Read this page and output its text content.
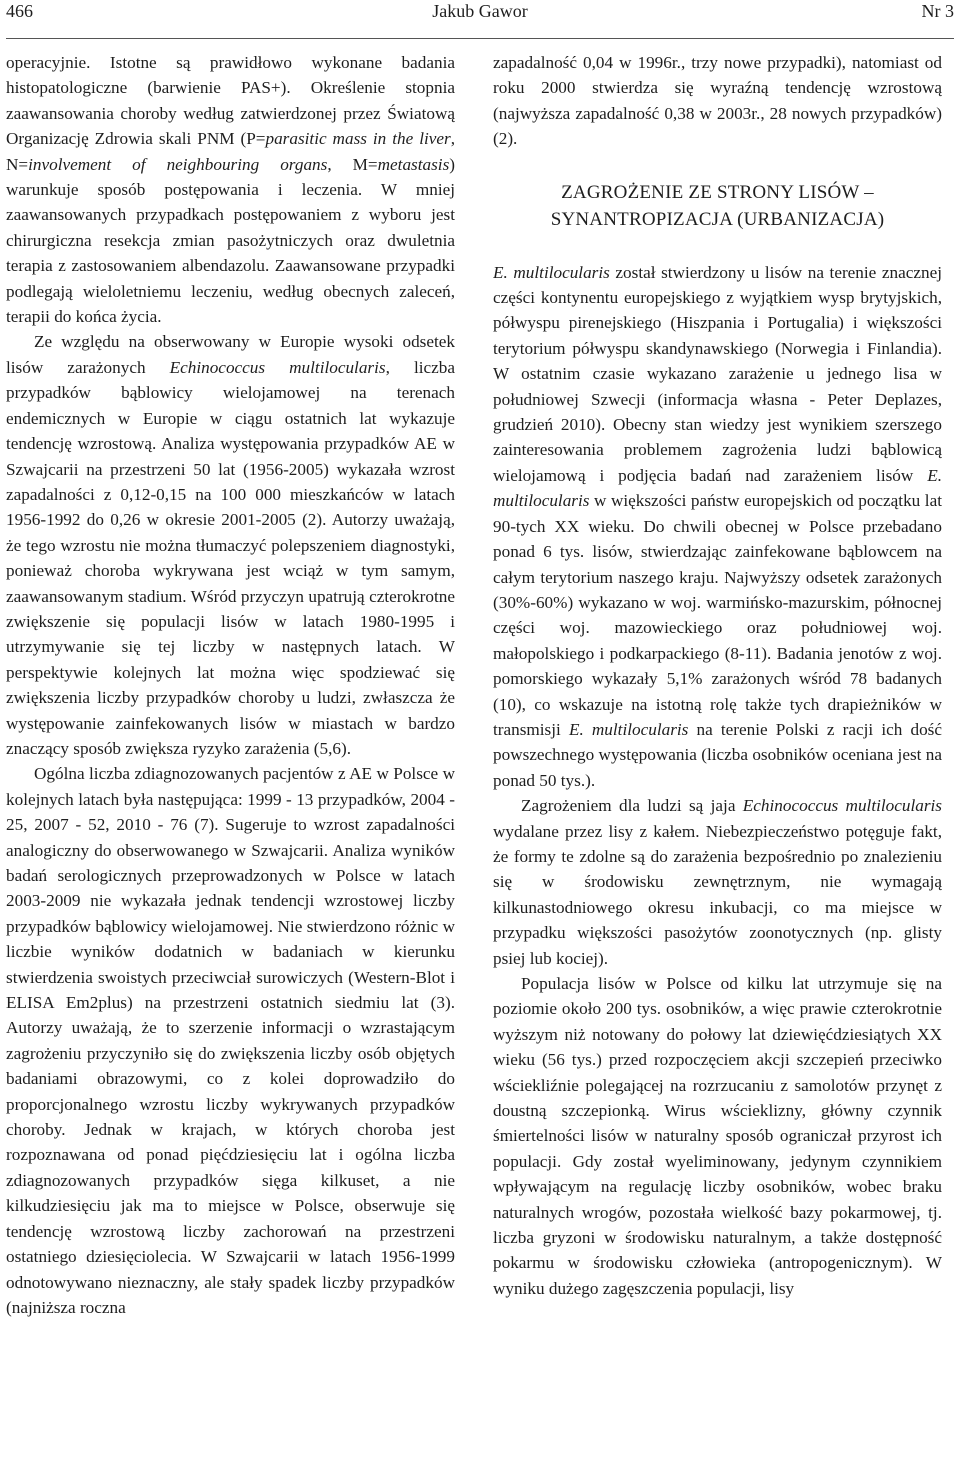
466	Jakub Gawor	Nr 3

operacyjnie. Istotne są prawidłowo wykonane badania histopatologiczne (barwienie PAS+). Określenie stopnia zaawansowania choroby według zatwierdzonej przez Światową Organizację Zdrowia skali PNM (P=parasitic mass in the liver, N=involvement of neighbouring organs, M=metastasis) warunkuje sposób postępowania i leczenia. W mniej zaawansowanych przypadkach postępowaniem z wyboru jest chirurgiczna resekcja zmian pasożytniczych oraz dwuletnia terapia z zastosowaniem albendazolu. Zaawansowane przypadki podlegają wieloletniemu leczeniu, według obecnych zaleceń, terapii do końca życia.

Ze względu na obserwowany w Europie wysoki odsetek lisów zarażonych Echinococcus multilocularis, liczba przypadków bąblowicy wielojamowej na terenach endemicznych w Europie w ciągu ostatnich lat wykazuje tendencję wzrostową. Analiza występowania przypadków AE w Szwajcarii na przestrzeni 50 lat (1956-2005) wykazała wzrost zapadalności z 0,12-0,15 na 100 000 mieszkańców w latach 1956-1992 do 0,26 w okresie 2001-2005 (2). Autorzy uważają, że tego wzrostu nie można tłumaczyć polepszeniem diagnostyki, ponieważ choroba wykrywana jest wciąż w tym samym, zaawansowanym stadium. Wśród przyczyn upatrują czterokrotne zwiększenie się populacji lisów w latach 1980-1995 i utrzymywanie się tej liczby w następnych latach. W perspektywie kolejnych lat można więc spodziewać się zwiększenia liczby przypadków choroby u ludzi, zwłaszcza że występowanie zainfekowanych lisów w miastach w bardzo znaczący sposób zwiększa ryzyko zarażenia (5,6).

Ogólna liczba zdiagnozowanych pacjentów z AE w Polsce w kolejnych latach była następująca: 1999 - 13 przypadków, 2004 - 25, 2007 - 52, 2010 - 76 (7). Sugeruje to wzrost zapadalności analogiczny do obserwowanego w Szwajcarii. Analiza wyników badań serologicznych przeprowadzonych w Polsce w latach 2003-2009 nie wykazała jednak tendencji wzrostowej liczby przypadków bąblowicy wielojamowej. Nie stwierdzono różnic w liczbie wyników dodatnich w badaniach w kierunku stwierdzenia swoistych przeciwciał surowiczych (Western-Blot i ELISA Em2plus) na przestrzeni ostatnich siedmiu lat (3). Autorzy uważają, że to szerzenie informacji o wzrastającym zagrożeniu przyczyniło się do zwiększenia liczby osób objętych badaniami obrazowymi, co z kolei doprowadziło do proporcjonalnego wzrostu liczby wykrywanych przypadków choroby. Jednak w krajach, w których choroba jest rozpoznawana od ponad pięćdziesięciu lat i ogólna liczba zdiagnozowanych przypadków sięga kilkuset, a nie kilkudziesięciu jak ma to miejsce w Polsce, obserwuje się tendencję wzrostową liczby zachorowań na przestrzeni ostatniego dziesięciolecia. W Szwajcarii w latach 1956-1999 odnotowywano nieznaczny, ale stały spadek liczby przypadków (najniższa roczna

zapadalność 0,04 w 1996r., trzy nowe przypadki), natomiast od roku 2000 stwierdza się wyraźną tendencję wzrostową (najwyższa zapadalność 0,38 w 2003r., 28 nowych przypadków) (2).

ZAGROŻENIE ZE STRONY LISÓW –
SYNANTROPIZACJA (URBANIZACJA)

E. multilocularis został stwierdzony u lisów na terenie znacznej części kontynentu europejskiego z wyjątkiem wysp brytyjskich, półwyspu pirenejskiego (Hiszpania i Portugalia) i większości terytorium półwyspu skandynawskiego (Norwegia i Finlandia). W ostatnim czasie wykazano zarażenie u jednego lisa w południowej Szwecji (informacja własna - Peter Deplazes, grudzień 2010). Obecny stan wiedzy jest wynikiem szerszego zainteresowania problemem zagrożenia ludzi bąblowicą wielojamową i podjęcia badań nad zarażeniem lisów E. multilocularis w większości państw europejskich od początku lat 90-tych XX wieku. Do chwili obecnej w Polsce przebadano ponad 6 tys. lisów, stwierdzając zainfekowane bąblowcem na całym terytorium naszego kraju. Najwyższy odsetek zarażonych (30%-60%) wykazano w woj. warmińsko-mazurskim, północnej części woj. mazowieckiego oraz południowej woj. małopolskiego i podkarpackiego (8-11). Badania jenotów z woj. pomorskiego wykazały 5,1% zarażonych wśród 78 badanych (10), co wskazuje na istotną rolę także tych drapieżników w transmisji E. multilocularis na terenie Polski z racji ich dość powszechnego występowania (liczba osobników oceniana jest na ponad 50 tys.).

Zagrożeniem dla ludzi są jaja Echinococcus multilocularis wydalane przez lisy z kałem. Niebezpieczeństwo potęguje fakt, że formy te zdolne są do zarażenia bezpośrednio po znalezieniu się w środowisku zewnętrznym, nie wymagają kilkunastodniowego okresu inkubacji, co ma miejsce w przypadku większości pasożytów zoonotycznych (np. glisty psiej lub kociej).

Populacja lisów w Polsce od kilku lat utrzymuje się na poziomie około 200 tys. osobników, a więc prawie czterokrotnie wyższym niż notowany do połowy lat dziewięćdziesiątych XX wieku (56 tys.) przed rozpoczęciem akcji szczepień przeciwko wściekliźnie polegającej na rozrzucaniu z samolotów przynęt z doustną szczepionką. Wirus wścieklizny, główny czynnik śmiertelności lisów w naturalny sposób ograniczał przyrost ich populacji. Gdy został wyeliminowany, jedynym czynnikiem wpływającym na regulację liczby osobników, wobec braku naturalnych wrogów, pozostała wielkość bazy pokarmowej, tj. liczba gryzoni w środowisku naturalnym, a także dostępność pokarmu w środowisku człowieka (antropogenicznym). W wyniku dużego zagęszczenia populacji, lisy
